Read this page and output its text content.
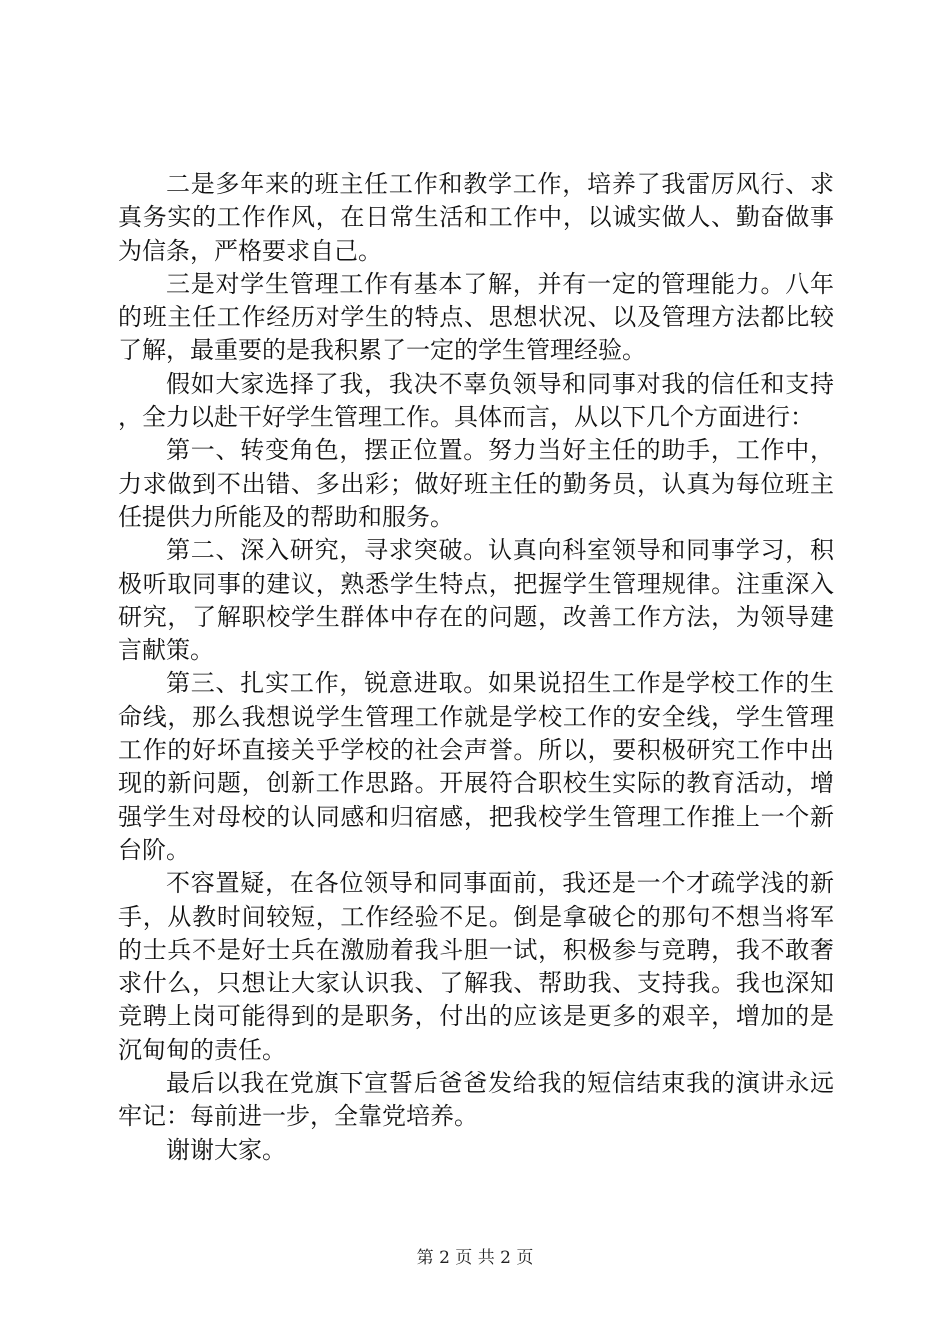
二是多年来的班主任工作和教学工作，培养了我雷厉风行、求真务实的工作作风，在日常生活和工作中，以诚实做人、勤奋做事为信条，严格要求自己。

三是对学生管理工作有基本了解，并有一定的管理能力。八年的班主任工作经历对学生的特点、思想状况、以及管理方法都比较了解，最重要的是我积累了一定的学生管理经验。

假如大家选择了我，我决不辜负领导和同事对我的信任和支持，全力以赴干好学生管理工作。具体而言，从以下几个方面进行：

第一、转变角色，摆正位置。努力当好主任的助手，工作中，力求做到不出错、多出彩；做好班主任的勤务员，认真为每位班主任提供力所能及的帮助和服务。

第二、深入研究，寻求突破。认真向科室领导和同事学习，积极听取同事的建议，熟悉学生特点，把握学生管理规律。注重深入研究，了解职校学生群体中存在的问题，改善工作方法，为领导建言献策。

第三、扎实工作，锐意进取。如果说招生工作是学校工作的生命线，那么我想说学生管理工作就是学校工作的安全线，学生管理工作的好坏直接关乎学校的社会声誉。所以，要积极研究工作中出现的新问题，创新工作思路。开展符合职校生实际的教育活动，增强学生对母校的认同感和归宿感，把我校学生管理工作推上一个新台阶。

不容置疑，在各位领导和同事面前，我还是一个才疏学浅的新手，从教时间较短，工作经验不足。倒是拿破仑的那句不想当将军的士兵不是好士兵在激励着我斗胆一试，积极参与竞聘，我不敢奢求什么，只想让大家认识我、了解我、帮助我、支持我。我也深知竞聘上岗可能得到的是职务，付出的应该是更多的艰辛，增加的是沉甸甸的责任。

最后以我在党旗下宣誓后爸爸发给我的短信结束我的演讲永远牢记：每前进一步，全靠党培养。

谢谢大家。

第 2 页 共 2 页
